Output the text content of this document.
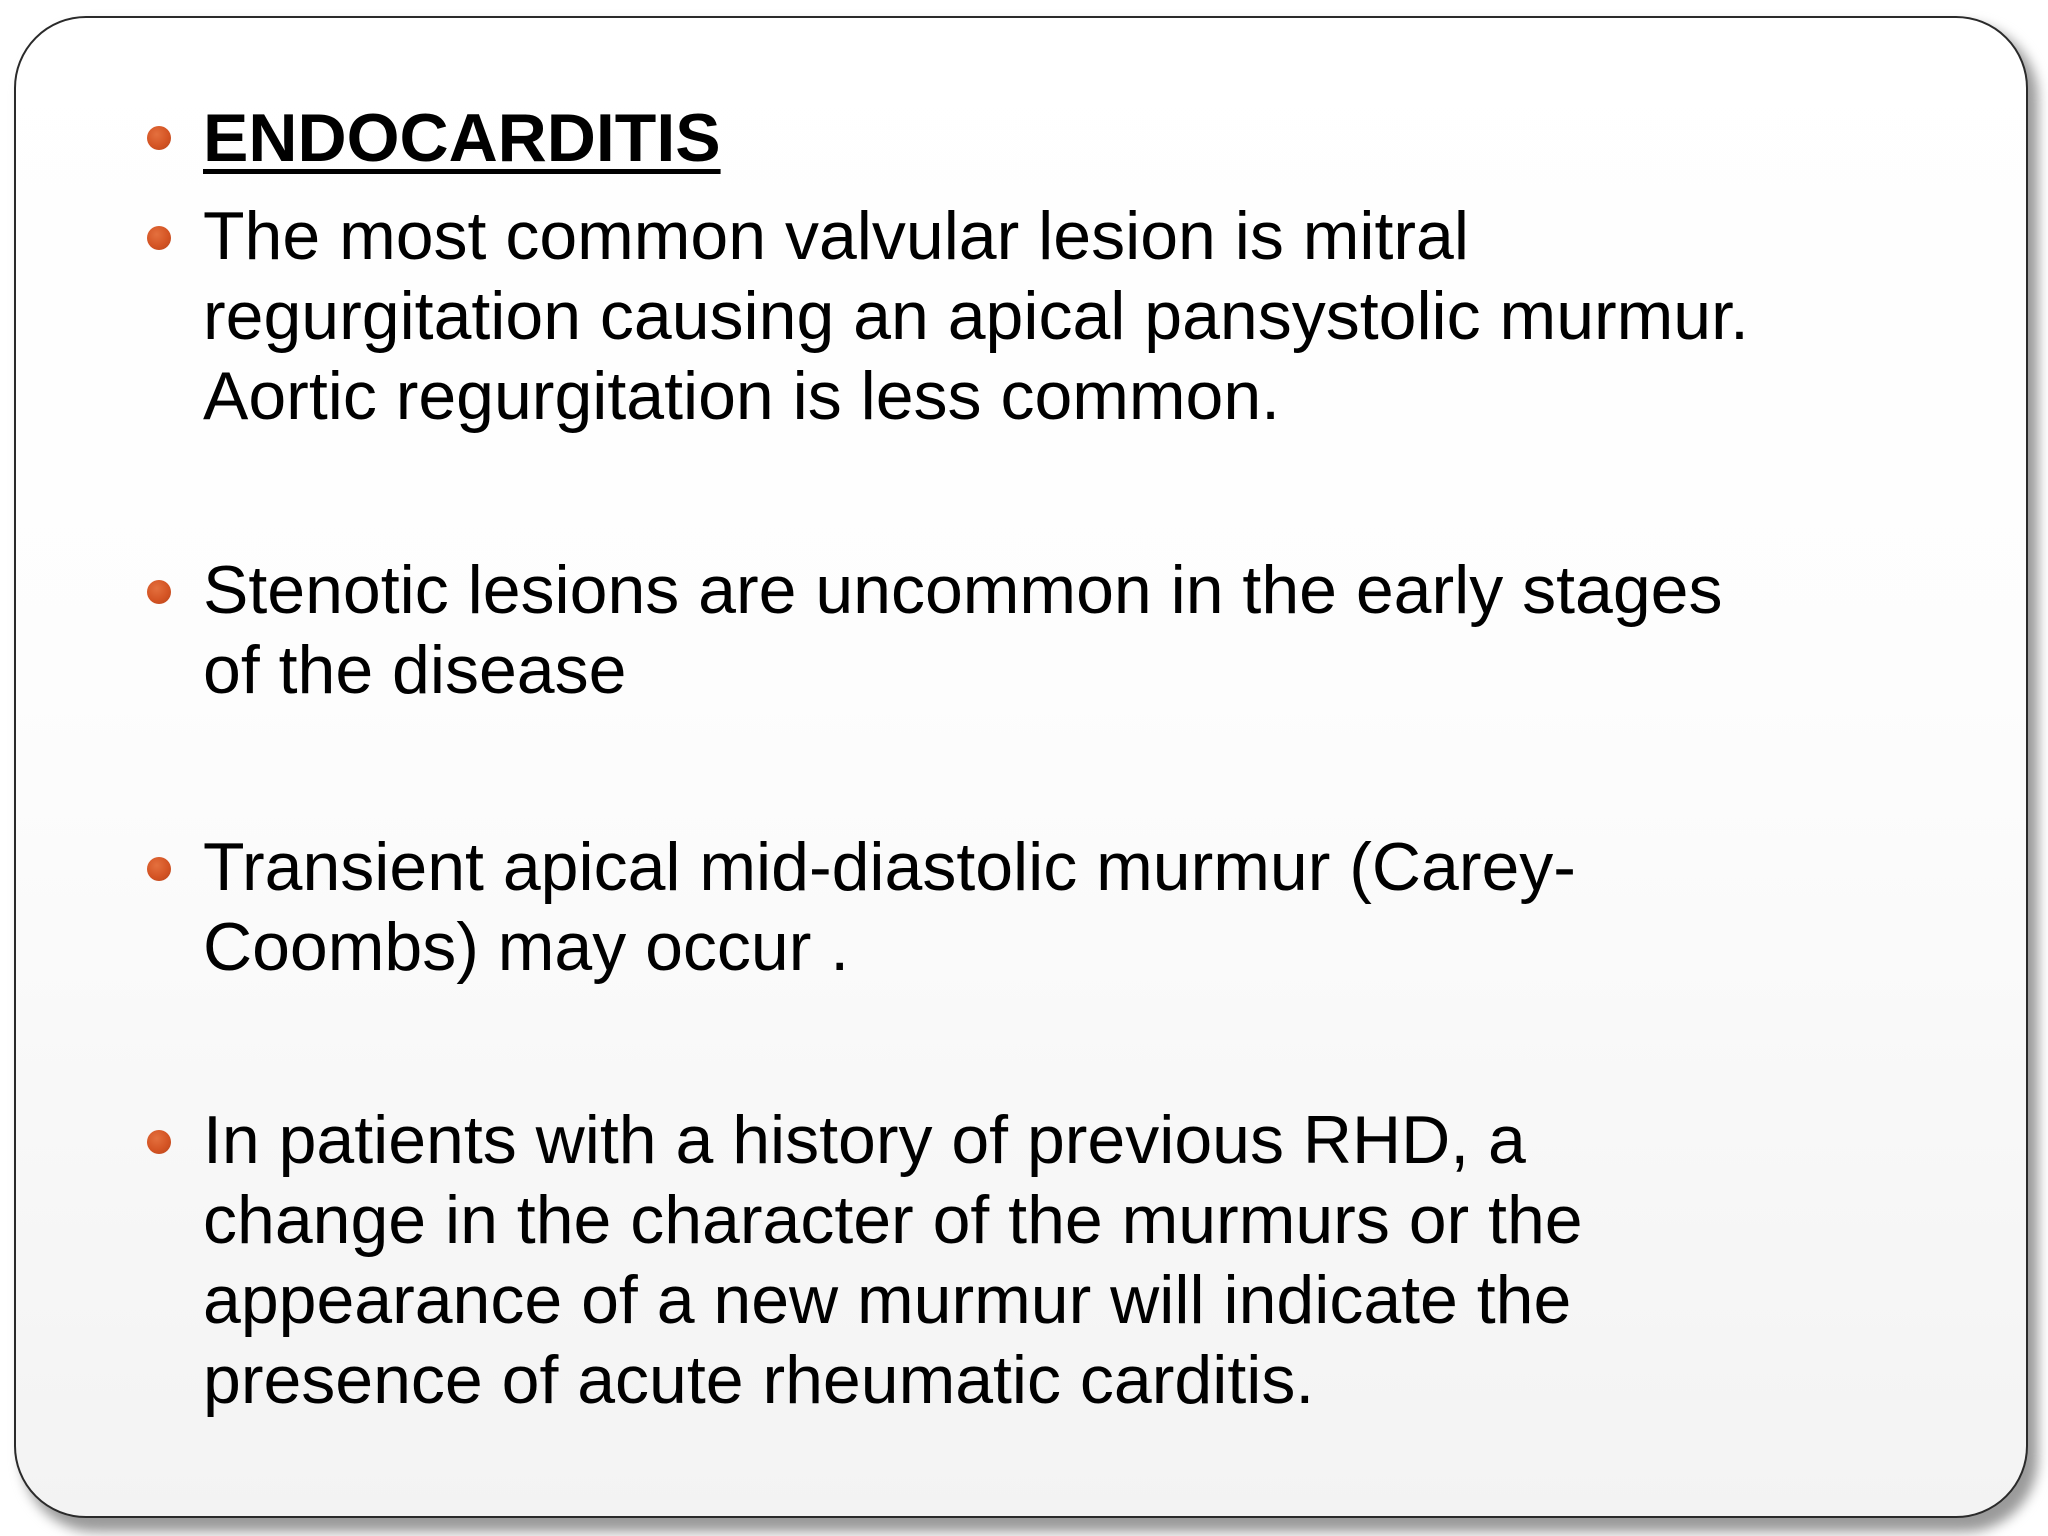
ENDOCARDITIS

The most common valvular lesion is mitral regurgitation causing an apical pansystolic murmur. Aortic regurgitation is less common.

Stenotic lesions are uncommon in the early stages of the disease

Transient apical mid-diastolic murmur (Carey-Coombs) may occur .

In patients with a history of previous RHD, a change in the character of the murmurs or the appearance of a new murmur will indicate the presence of acute rheumatic carditis.
